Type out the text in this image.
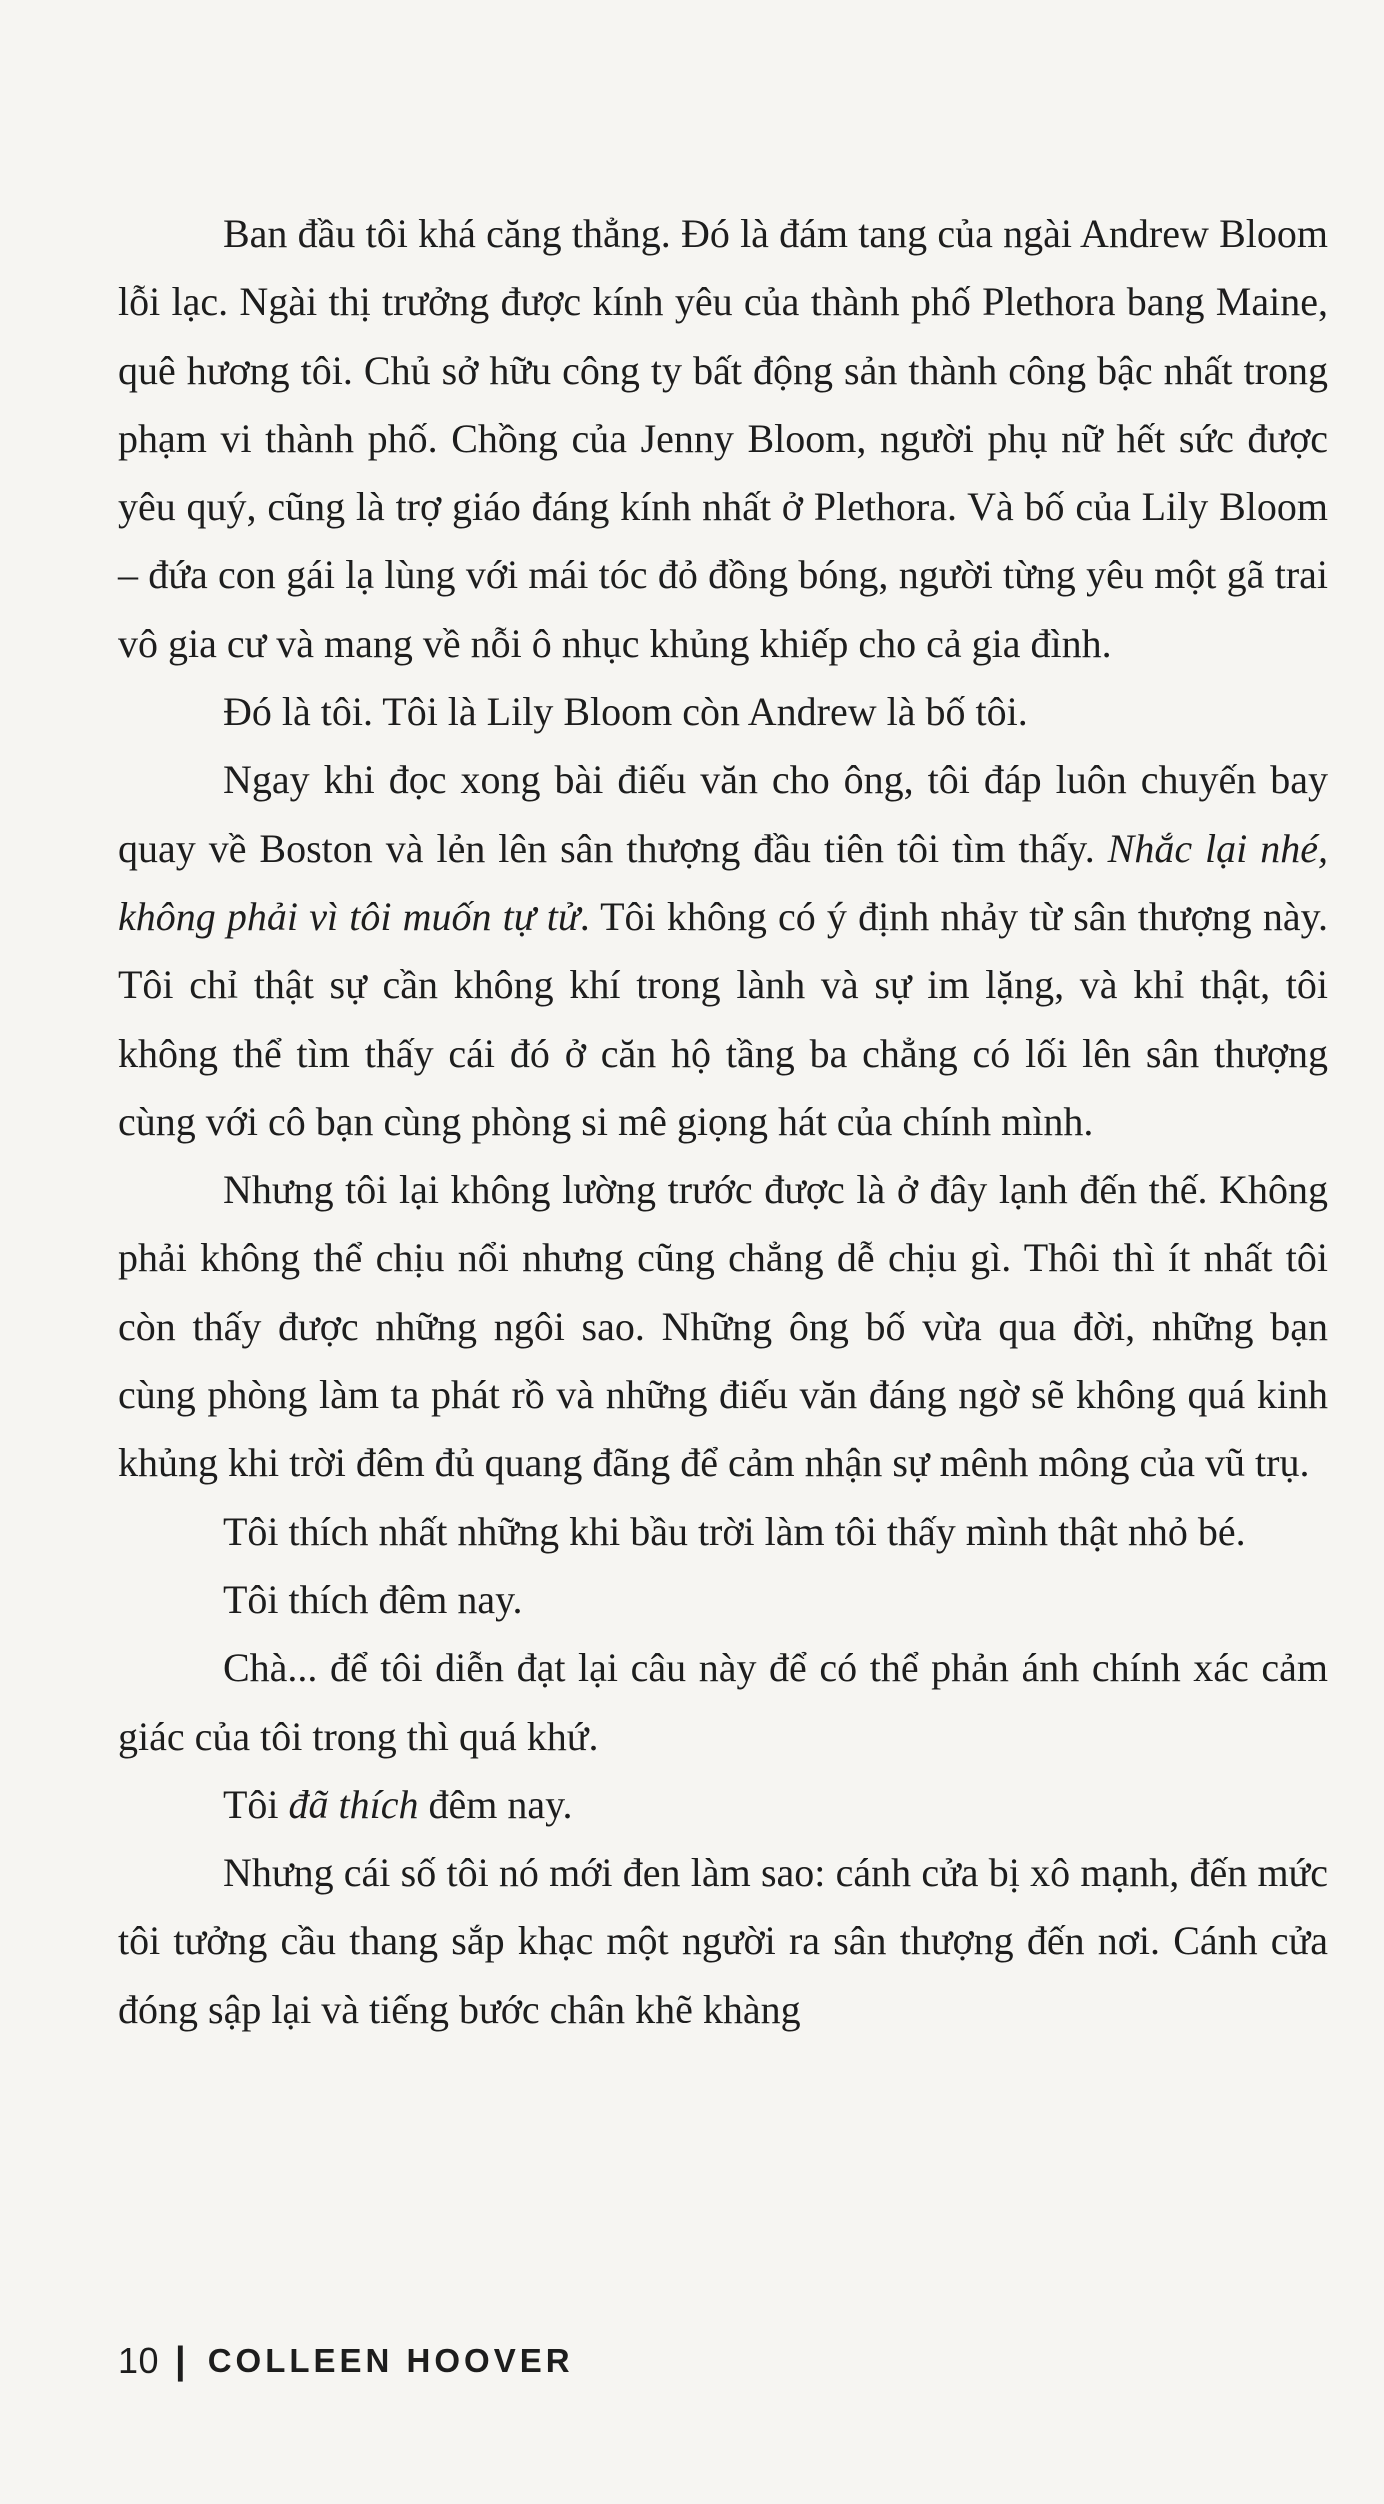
Ban đầu tôi khá căng thẳng. Đó là đám tang của ngài Andrew Bloom lỗi lạc. Ngài thị trưởng được kính yêu của thành phố Plethora bang Maine, quê hương tôi. Chủ sở hữu công ty bất động sản thành công bậc nhất trong phạm vi thành phố. Chồng của Jenny Bloom, người phụ nữ hết sức được yêu quý, cũng là trợ giáo đáng kính nhất ở Plethora. Và bố của Lily Bloom – đứa con gái lạ lùng với mái tóc đỏ đồng bóng, người từng yêu một gã trai vô gia cư và mang về nỗi ô nhục khủng khiếp cho cả gia đình.

Đó là tôi. Tôi là Lily Bloom còn Andrew là bố tôi.

Ngay khi đọc xong bài điếu văn cho ông, tôi đáp luôn chuyến bay quay về Boston và lẻn lên sân thượng đầu tiên tôi tìm thấy. Nhắc lại nhé, không phải vì tôi muốn tự tử. Tôi không có ý định nhảy từ sân thượng này. Tôi chỉ thật sự cần không khí trong lành và sự im lặng, và khỉ thật, tôi không thể tìm thấy cái đó ở căn hộ tầng ba chẳng có lối lên sân thượng cùng với cô bạn cùng phòng si mê giọng hát của chính mình.

Nhưng tôi lại không lường trước được là ở đây lạnh đến thế. Không phải không thể chịu nổi nhưng cũng chẳng dễ chịu gì. Thôi thì ít nhất tôi còn thấy được những ngôi sao. Những ông bố vừa qua đời, những bạn cùng phòng làm ta phát rồ và những điếu văn đáng ngờ sẽ không quá kinh khủng khi trời đêm đủ quang đãng để cảm nhận sự mênh mông của vũ trụ.

Tôi thích nhất những khi bầu trời làm tôi thấy mình thật nhỏ bé.

Tôi thích đêm nay.

Chà... để tôi diễn đạt lại câu này để có thể phản ánh chính xác cảm giác của tôi trong thì quá khứ.

Tôi đã thích đêm nay.

Nhưng cái số tôi nó mới đen làm sao: cánh cửa bị xô mạnh, đến mức tôi tưởng cầu thang sắp khạc một người ra sân thượng đến nơi. Cánh cửa đóng sập lại và tiếng bước chân khẽ khàng

10 | COLLEEN HOOVER
